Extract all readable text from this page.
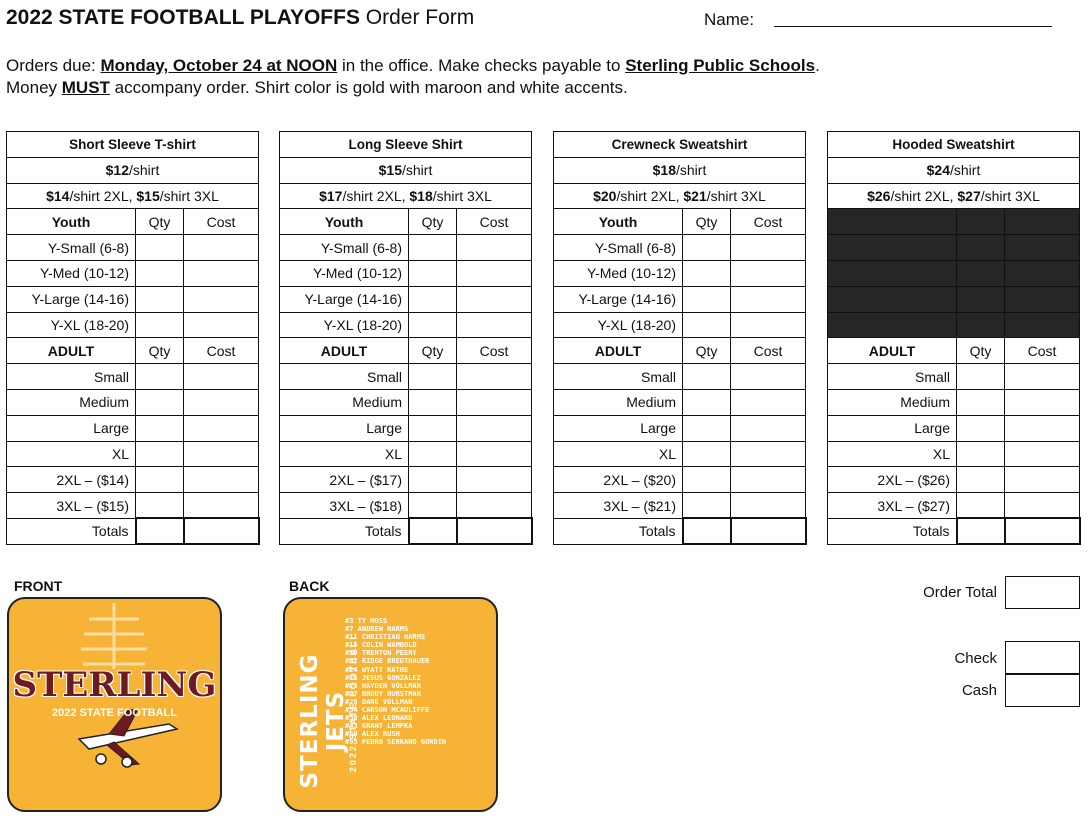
2022 STATE FOOTBALL PLAYOFFS Order Form	Name:
Orders due: Monday, October 24 at NOON in the office. Make checks payable to Sterling Public Schools.
Money MUST accompany order. Shirt color is gold with maroon and white accents.
Short Sleeve T-shirt		
$12/shirt		
$14/shirt 2XL, $15/shirt 3XL		
Youth	Qty	Cost
Y-Small (6-8)		
Y-Med (10-12)		
Y-Large (14-16)		
Y-XL (18-20)		
ADULT	Qty	Cost
Small		
Medium		
Large		
XL		
2XL – ($14)		
3XL – ($15)		
Totals		
Long Sleeve Shirt		
$15/shirt		
$17/shirt 2XL, $18/shirt 3XL		
Youth	Qty	Cost
Y-Small (6-8)		
Y-Med (10-12)		
Y-Large (14-16)		
Y-XL (18-20)		
ADULT	Qty	Cost
Small		
Medium		
Large		
XL		
2XL – ($17)		
3XL – ($18)		
Totals		
Crewneck Sweatshirt		
$18/shirt		
$20/shirt 2XL, $21/shirt 3XL		
Youth	Qty	Cost
Y-Small (6-8)		
Y-Med (10-12)		
Y-Large (14-16)		
Y-XL (18-20)		
ADULT	Qty	Cost
Small		
Medium		
Large		
XL		
2XL – ($20)		
3XL – ($21)		
Totals		
Hooded Sweatshirt		
$24/shirt		
$26/shirt 2XL, $27/shirt 3XL		

ADULT	Qty	Cost
Small		
Medium		
Large		
XL		
2XL – ($26)		
3XL – ($27)		
Totals		
FRONT	BACK
STERLING
2022 STATE FOOTBALL	STERLING JETS 2022 STATE FOOTBALL
#3 TY MOSS
#7 ANDREW HARMS
#11 CHRISTIAN HARMS
#15 COLIN WAMBOLD
#19 TRENTON PEERY
#22 RIDGE BREDTHAUER
#24 WYATT RATHE
#25 JESUS GONZALEZ
#25 HAYDEN VOLLMAN
#27 BRODY HURSTMAN
#28 DANE VOLLMAN
#34 CARSON MCAULIFFE
#38 ALEX LEONARD
#43 GRANT LEMPKA
#69 ALEX RUSH
#95 PEDRO SERRANO GORDIN
Order Total
Check
Cash
